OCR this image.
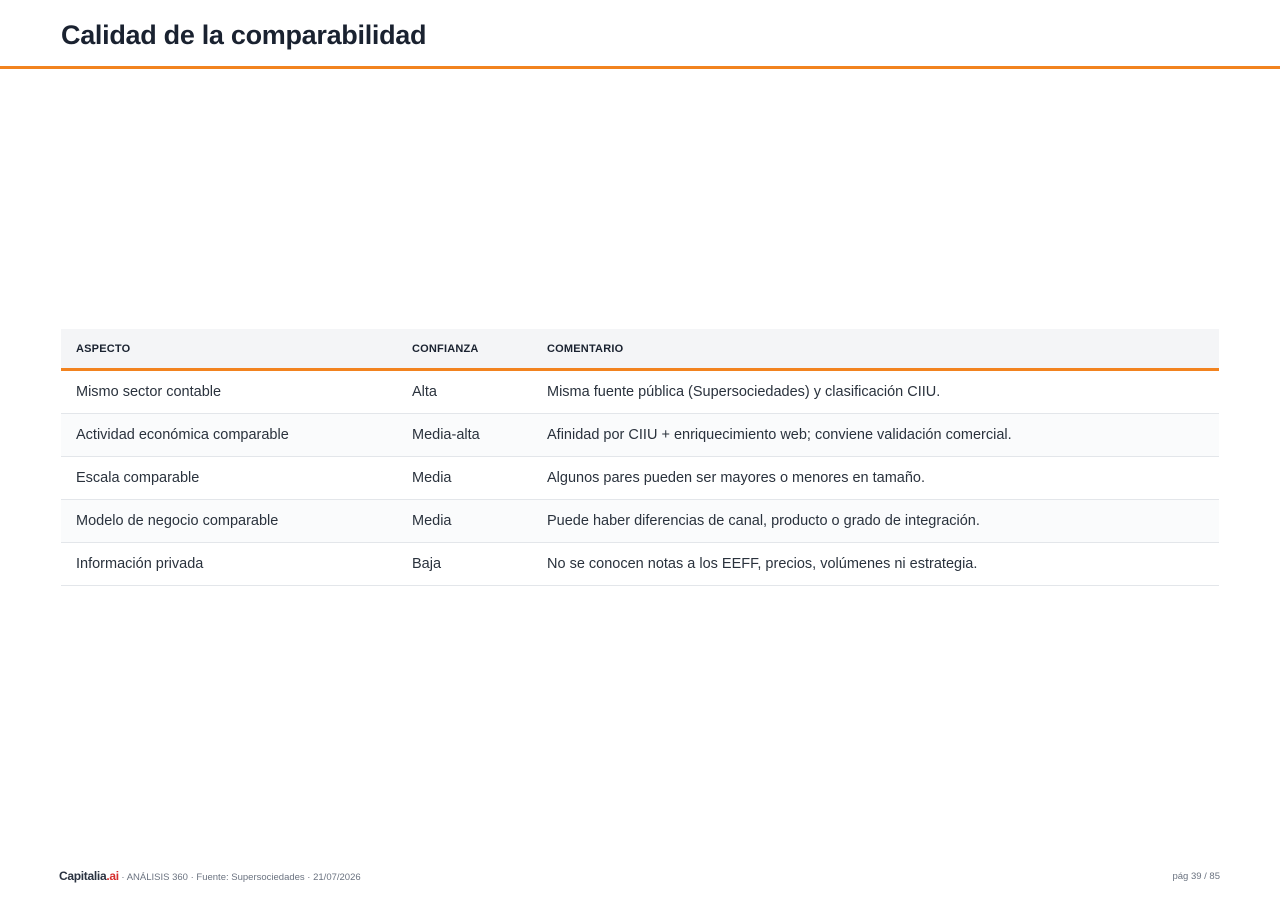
Calidad de la comparabilidad
ASPECTO	CONFIANZA	COMENTARIO
Mismo sector contable	Alta	Misma fuente pública (Supersociedades) y clasificación CIIU.
Actividad económica comparable	Media-alta	Afinidad por CIIU + enriquecimiento web; conviene validación comercial.
Escala comparable	Media	Algunos pares pueden ser mayores o menores en tamaño.
Modelo de negocio comparable	Media	Puede haber diferencias de canal, producto o grado de integración.
Información privada	Baja	No se conocen notas a los EEFF, precios, volúmenes ni estrategia.
Capitalia.ai · ANÁLISIS 360 · Fuente: Supersociedades · 21/07/2026	pág 39 / 85
